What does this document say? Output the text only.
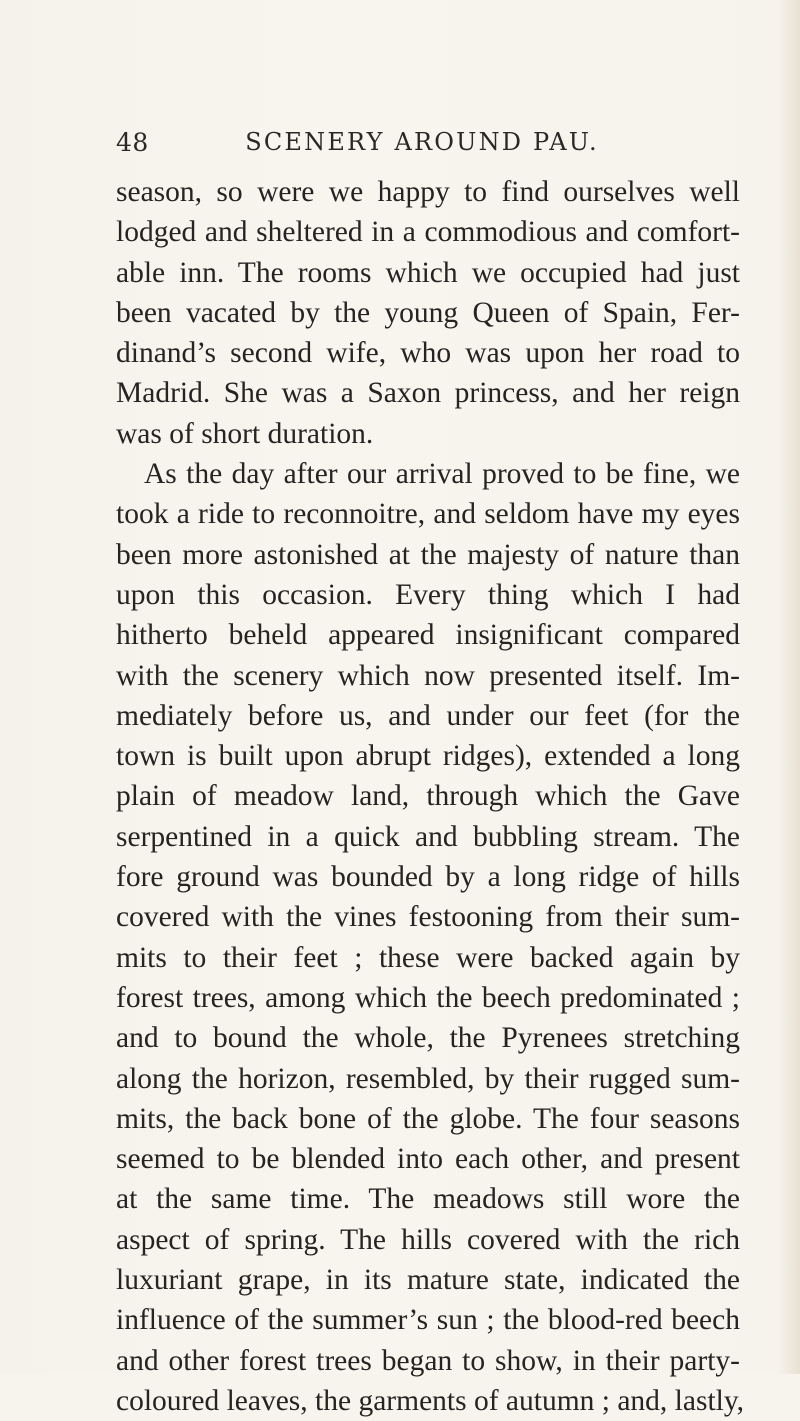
48	SCENERY AROUND PAU.

season, so were we happy to find ourselves well
lodged and sheltered in a commodious and comfort-
able inn. The rooms which we occupied had just
been vacated by the young Queen of Spain, Fer-
dinand’s second wife, who was upon her road to
Madrid. She was a Saxon princess, and her reign
was of short duration.

As the day after our arrival proved to be fine, we
took a ride to reconnoitre, and seldom have my eyes
been more astonished at the majesty of nature than
upon this occasion. Every thing which I had
hitherto beheld appeared insignificant compared
with the scenery which now presented itself. Im-
mediately before us, and under our feet (for the
town is built upon abrupt ridges), extended a long
plain of meadow land, through which the Gave
serpentined in a quick and bubbling stream. The
fore ground was bounded by a long ridge of hills
covered with the vines festooning from their sum-
mits to their feet ; these were backed again by
forest trees, among which the beech predominated ;
and to bound the whole, the Pyrenees stretching
along the horizon, resembled, by their rugged sum-
mits, the back bone of the globe. The four seasons
seemed to be blended into each other, and present
at the same time. The meadows still wore the
aspect of spring. The hills covered with the rich
luxuriant grape, in its mature state, indicated the
influence of the summer’s sun ; the blood-red beech
and other forest trees began to show, in their party-
coloured leaves, the garments of autumn ; and, lastly,
